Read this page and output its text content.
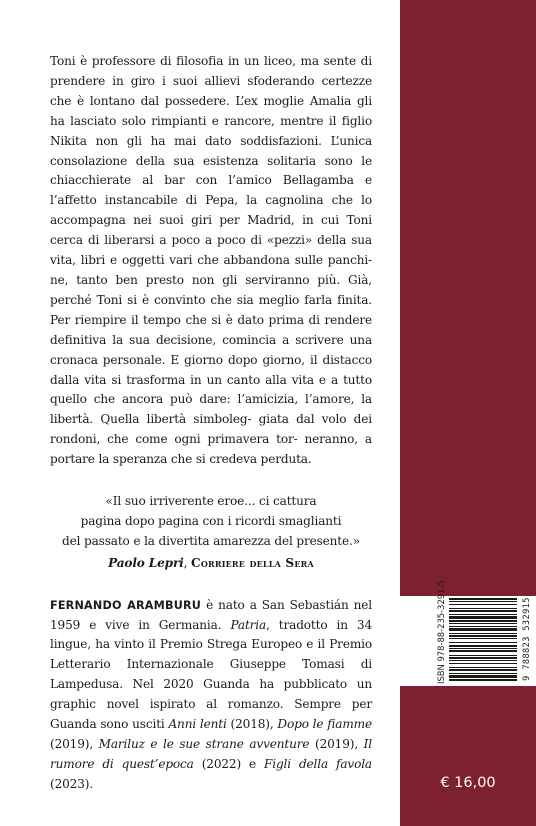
Toni è professore di filosofia in un liceo, ma sente di prendere in giro i suoi allievi sfoderando certezze che è lontano dal possedere. L’ex moglie Amalia gli ha lasciato solo rimpianti e rancore, mentre il figlio Nikita non gli ha mai dato soddisfazioni. L’unica consolazione della sua esistenza solitaria sono le chiacchierate al bar con l’amico Bellagamba e l’affetto instancabile di Pepa, la cagnolina che lo accompagna nei suoi giri per Madrid, in cui Toni cerca di liberarsi a poco a poco di «pezzi» della sua vita, libri e oggetti vari che abbandona sulle panchi- ne, tanto ben presto non gli serviranno più. Già, perché Toni si è convinto che sia meglio farla finita. Per riempire il tempo che si è dato prima di rendere definitiva la sua decisione, comincia a scrivere una cronaca personale. E giorno dopo giorno, il distacco dalla vita si trasforma in un canto alla vita e a tutto quello che ancora può dare: l’amicizia, l’amore, la libertà. Quella libertà simboleg- giata dal volo dei rondoni, che come ogni primavera tor- neranno, a portare la speranza che si credeva perduta.

«Il suo irriverente eroe... ci cattura
pagina dopo pagina con i ricordi smaglianti
del passato e la divertita amarezza del presente.»

Paolo Lepri, Corriere della Sera

FERNANDO ARAMBURU è nato a San Sebastián nel 1959 e vive in Germania. Patria, tradotto in 34 lingue, ha vinto il Premio Strega Europeo e il Premio Letterario Internazionale Giuseppe Tomasi di Lampedusa. Nel 2020 Guanda ha pubblicato un graphic novel ispirato al romanzo. Sempre per Guanda sono usciti Anni lenti (2018), Dopo le fiamme (2019), Mariluz e le sue strane avventure (2019), Il rumore di quest’epoca (2022) e Figli della favola (2023).

ISBN 978-88-235-3291-5	9 788823 532915
€ 16,00
